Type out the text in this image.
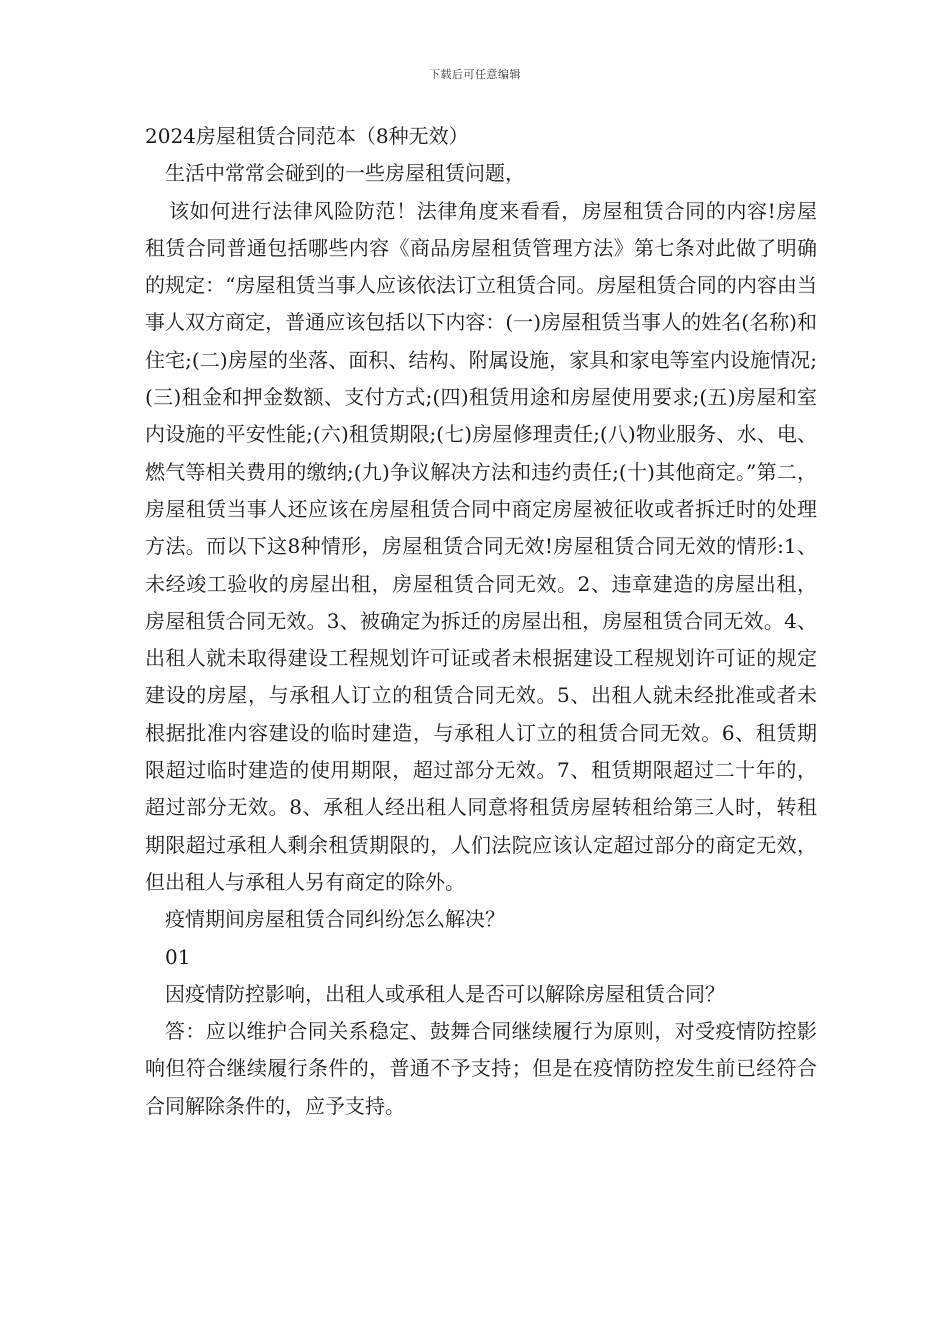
下载后可任意编辑

2024房屋租赁合同范本（8种无效）

生活中常常会碰到的一些房屋租赁问题，

该如何进行法律风险防范！法律角度来看看，房屋租赁合同的内容!房屋租赁合同普通包括哪些内容《商品房屋租赁管理方法》第七条对此做了明确的规定：“房屋租赁当事人应该依法订立租赁合同。房屋租赁合同的内容由当事人双方商定，普通应该包括以下内容：(一)房屋租赁当事人的姓名(名称)和住宅;(二)房屋的坐落、面积、结构、附属设施，家具和家电等室内设施情况;(三)租金和押金数额、支付方式;(四)租赁用途和房屋使用要求;(五)房屋和室内设施的平安性能;(六)租赁期限;(七)房屋修理责任;(八)物业服务、水、电、燃气等相关费用的缴纳;(九)争议解决方法和违约责任;(十)其他商定。”第二，房屋租赁当事人还应该在房屋租赁合同中商定房屋被征收或者拆迁时的处理方法。而以下这8种情形，房屋租赁合同无效!房屋租赁合同无效的情形:1、未经竣工验收的房屋出租，房屋租赁合同无效。2、违章建造的房屋出租，房屋租赁合同无效。3、被确定为拆迁的房屋出租，房屋租赁合同无效。4、出租人就未取得建设工程规划许可证或者未根据建设工程规划许可证的规定建设的房屋，与承租人订立的租赁合同无效。5、出租人就未经批准或者未根据批准内容建设的临时建造，与承租人订立的租赁合同无效。6、租赁期限超过临时建造的使用期限，超过部分无效。7、租赁期限超过二十年的，超过部分无效。8、承租人经出租人同意将租赁房屋转租给第三人时，转租期限超过承租人剩余租赁期限的，人们法院应该认定超过部分的商定无效，但出租人与承租人另有商定的除外。

疫情期间房屋租赁合同纠纷怎么解决？

01

因疫情防控影响，出租人或承租人是否可以解除房屋租赁合同？

答：应以维护合同关系稳定、鼓舞合同继续履行为原则，对受疫情防控影响但符合继续履行条件的，普通不予支持；但是在疫情防控发生前已经符合合同解除条件的，应予支持。
